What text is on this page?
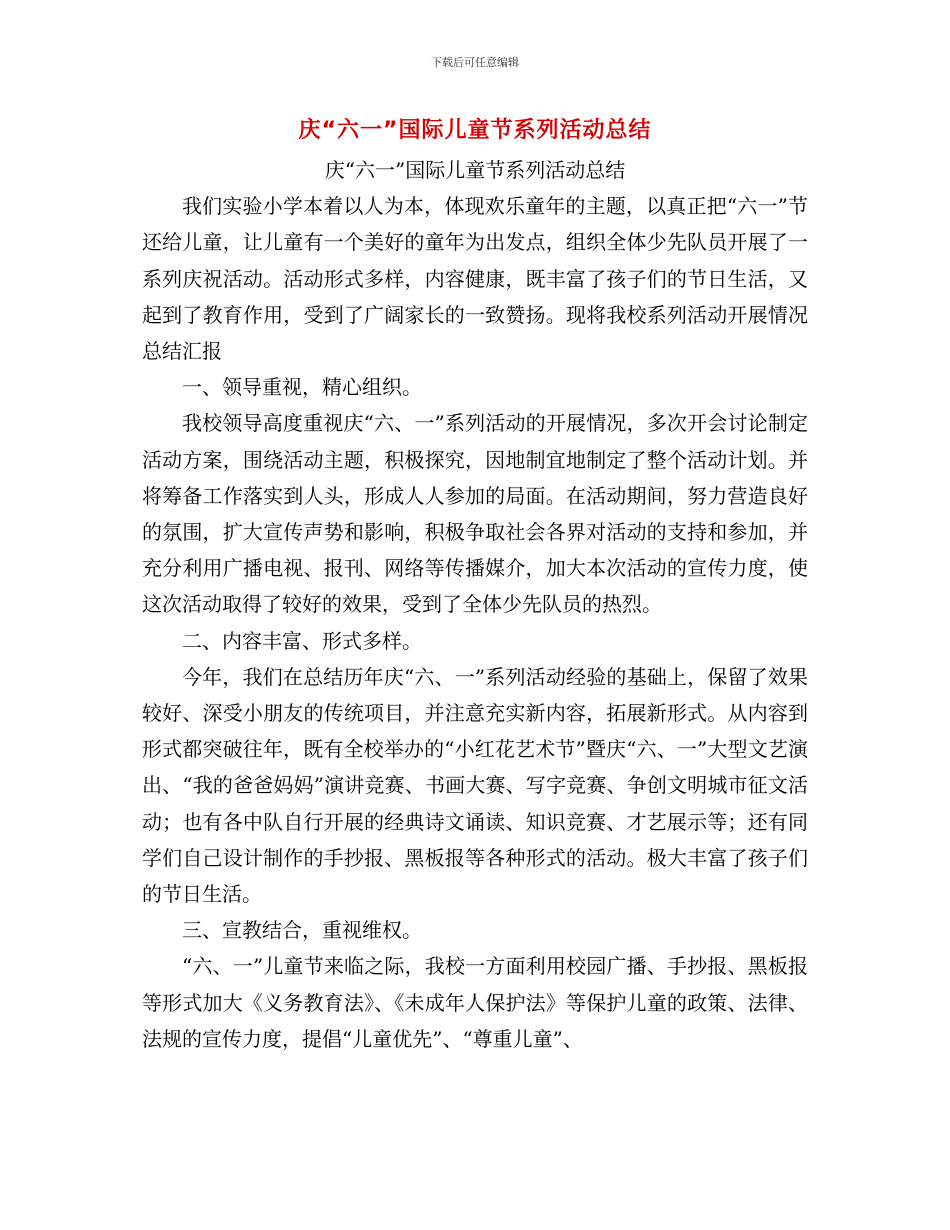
下载后可任意编辑
庆“六一”国际儿童节系列活动总结

庆“六一”国际儿童节系列活动总结

我们实验小学本着以人为本，体现欢乐童年的主题，以真正把“六一”节还给儿童，让儿童有一个美好的童年为出发点，组织全体少先队员开展了一系列庆祝活动。活动形式多样，内容健康，既丰富了孩子们的节日生活，又起到了教育作用，受到了广阔家长的一致赞扬。现将我校系列活动开展情况总结汇报

一、领导重视，精心组织。

我校领导高度重视庆“六、一”系列活动的开展情况，多次开会讨论制定活动方案，围绕活动主题，积极探究，因地制宜地制定了整个活动计划。并将筹备工作落实到人头，形成人人参加的局面。在活动期间，努力营造良好的氛围，扩大宣传声势和影响，积极争取社会各界对活动的支持和参加，并充分利用广播电视、报刊、网络等传播媒介，加大本次活动的宣传力度，使这次活动取得了较好的效果，受到了全体少先队员的热烈。

二、内容丰富、形式多样。

今年，我们在总结历年庆“六、一”系列活动经验的基础上，保留了效果较好、深受小朋友的传统项目，并注意充实新内容，拓展新形式。从内容到形式都突破往年，既有全校举办的“小红花艺术节”暨庆“六、一”大型文艺演出、“我的爸爸妈妈”演讲竞赛、书画大赛、写字竞赛、争创文明城市征文活动；也有各中队自行开展的经典诗文诵读、知识竞赛、才艺展示等；还有同学们自己设计制作的手抄报、黑板报等各种形式的活动。极大丰富了孩子们的节日生活。

三、宣教结合，重视维权。

“六、一”儿童节来临之际，我校一方面利用校园广播、手抄报、黑板报等形式加大《义务教育法》、《未成年人保护法》等保护儿童的政策、法律、法规的宣传力度，提倡“儿童优先”、“尊重儿童”、
